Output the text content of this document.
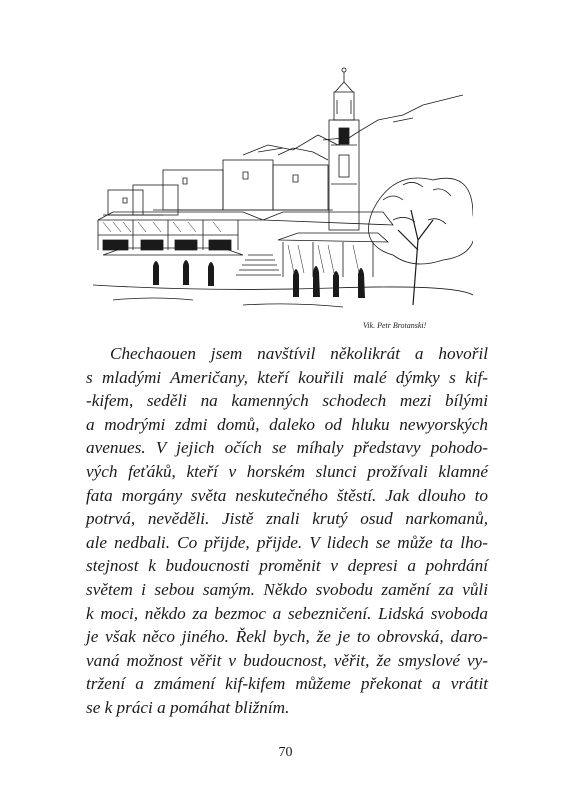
Vik. Petr Brotanski!
Chechaouen jsem navštívil několikrát a hovořil
s mladými Američany, kteří kouřili malé dýmky s kif-
-kifem, seděli na kamenných schodech mezi bílými
a modrými zdmi domů, daleko od hluku newyorských
avenues. V jejich očích se míhaly představy pohodo-
vých feťáků, kteří v horském slunci prožívali klamné
fata morgány světa neskutečného štěstí. Jak dlouho to
potrvá, nevěděli. Jistě znali krutý osud narkomanů,
ale nedbali. Co přijde, přijde. V lidech se může ta lho-
stejnost k budoucnosti proměnit v depresi a pohrdání
světem i sebou samým. Někdo svobodu zamění za vůli
k moci, někdo za bezmoc a sebezničení. Lidská svoboda
je však něco jiného. Řekl bych, že je to obrovská, daro-
vaná možnost věřit v budoucnost, věřit, že smyslové vy-
tržení a zmámení kif-kifem můžeme překonat a vrátit
se k práci a pomáhat bližním.
70
